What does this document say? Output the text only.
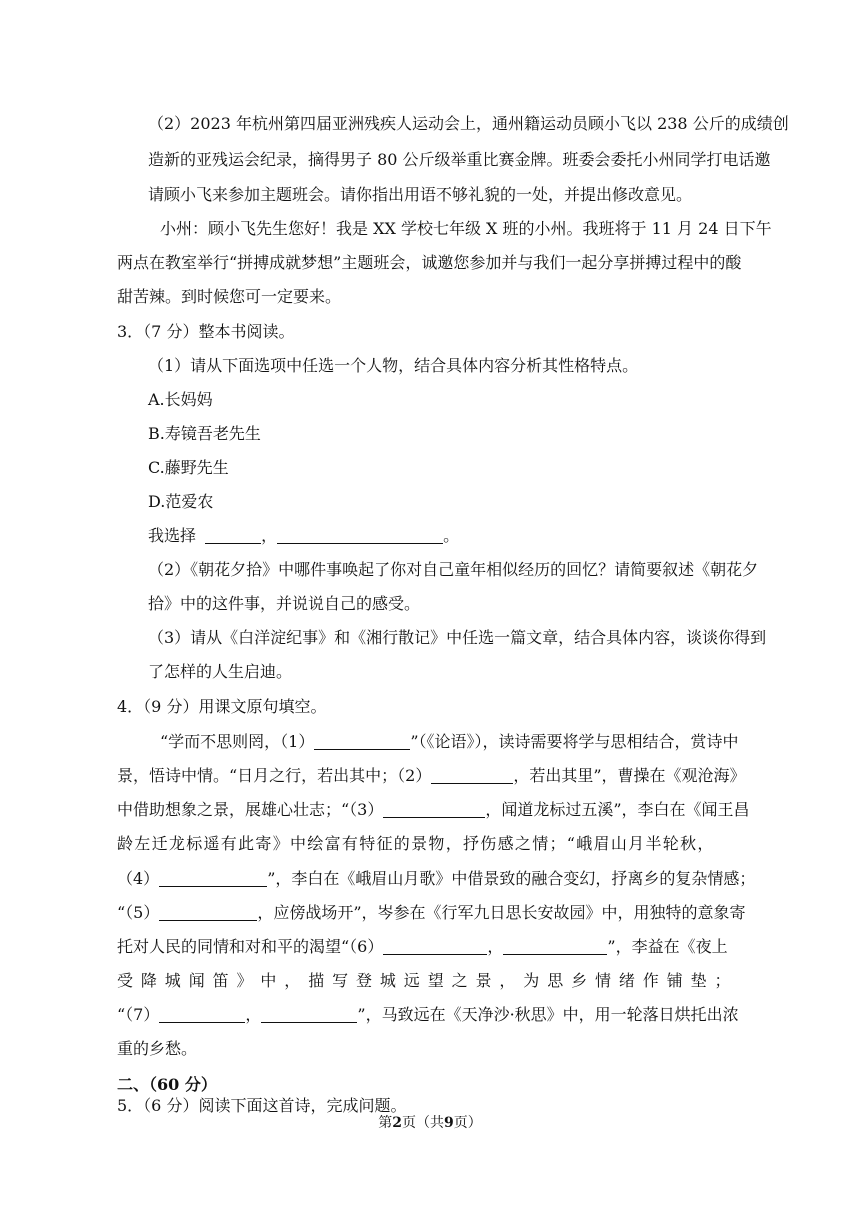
（2）2023 年杭州第四届亚洲残疾人运动会上，通州籍运动员顾小飞以 238 公斤的成绩创
造新的亚残运会纪录，摘得男子 80 公斤级举重比赛金牌。班委会委托小州同学打电话邀
请顾小飞来参加主题班会。请你指出用语不够礼貌的一处，并提出修改意见。
小州：顾小飞先生您好！我是 XX 学校七年级 X 班的小州。我班将于 11 月 24 日下午
两点在教室举行“拼搏成就梦想”主题班会，诚邀您参加并与我们一起分享拼搏过程中的酸
甜苦辣。到时候您可一定要来。
3．（7 分）整本书阅读。
（1）请从下面选项中任选一个人物，结合具体内容分析其性格特点。
A.长妈妈
B.寿镜吾老先生
C.藤野先生
D.范爱农
我选择	，	。
（2）《朝花夕拾》中哪件事唤起了你对自己童年相似经历的回忆？请简要叙述《朝花夕
拾》中的这件事，并说说自己的感受。
（3）请从《白洋淀纪事》和《湘行散记》中任选一篇文章，结合具体内容，谈谈你得到
了怎样的人生启迪。
4．（9 分）用课文原句填空。
“学而不思则罔，（1）	”（《论语》），读诗需要将学与思相结合，赏诗中
景，悟诗中情。“日月之行，若出其中；（2）	，若出其里”，曹操在《观沧海》
中借助想象之景，展雄心壮志；“（3）	，闻道龙标过五溪”，李白在《闻王昌
龄左迁龙标遥有此寄》中绘富有特征的景物，抒伤感之情；“峨眉山月半轮秋，
（4）	”，李白在《峨眉山月歌》中借景致的融合变幻，抒离乡的复杂情感；
“（5）	，应傍战场开”，岑参在《行军九日思长安故园》中，用独特的意象寄
托对人民的同情和对和平的渴望“（6）	，	”，李益在《夜上
受降城闻笛》中，描写登城远望之景，为思乡情绪作铺垫；
“（7）	，	”，马致远在《天净沙·秋思》中，用一轮落日烘托出浓
重的乡愁。
二、（60 分）
5．（6 分）阅读下面这首诗，完成问题。
第2页（共9页）
